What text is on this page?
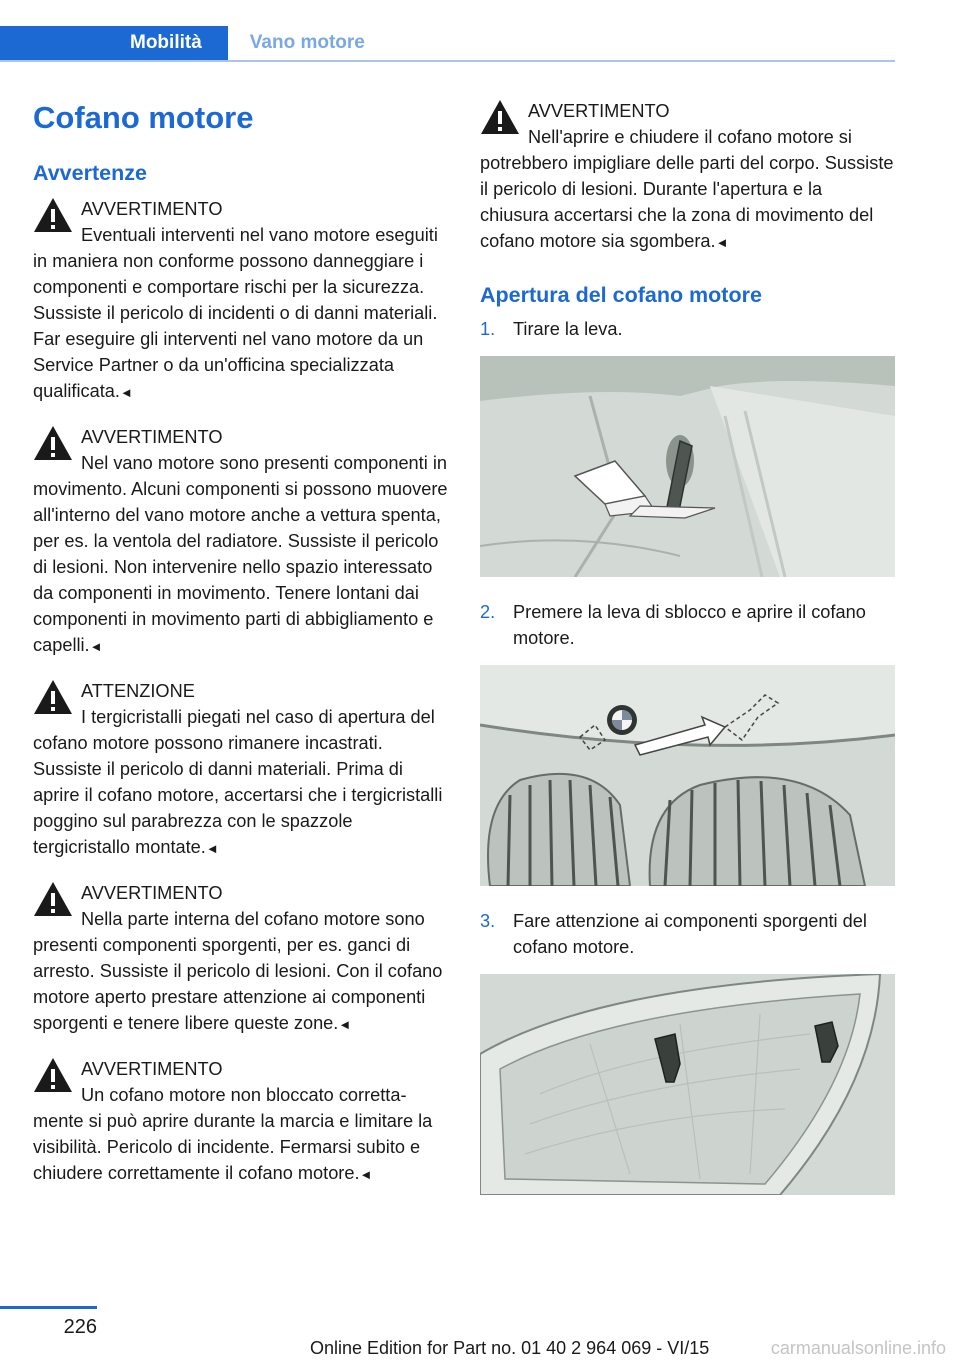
Mobilità	Vano motore
Cofano motore
Avvertenze
AVVERTIMENTO

Eventuali interventi nel vano motore eseguiti in maniera non conforme possono danneggiare i componenti e comportare rischi per la sicurezza. Sussiste il pericolo di incidenti o di danni materiali. Far eseguire gli interventi nel vano motore da un Service Partner o da un'officina specializzata qualificata.◄

AVVERTIMENTO

Nel vano motore sono presenti componenti in movimento. Alcuni componenti si possono muovere all'interno del vano motore anche a vettura spenta, per es. la ventola del radiatore. Sussiste il pericolo di lesioni. Non intervenire nello spazio interessato da componenti in movimento. Tenere lontani dai componenti in movimento parti di abbigliamento e capelli.◄

ATTENZIONE

I tergicristalli piegati nel caso di apertura del cofano motore possono rimanere incastrati. Sussiste il pericolo di danni materiali. Prima di aprire il cofano motore, accertarsi che i tergicristalli poggino sul parabrezza con le spazzole tergicristallo montate.◄

AVVERTIMENTO

Nella parte interna del cofano motore sono presenti componenti sporgenti, per es. ganci di arresto. Sussiste il pericolo di lesioni. Con il cofano motore aperto prestare attenzione ai componenti sporgenti e tenere libere queste zone.◄

AVVERTIMENTO

Un cofano motore non bloccato correttamente si può aprire durante la marcia e limitare la visibilità. Pericolo di incidente. Fermarsi subito e chiudere correttamente il cofano motore.◄

AVVERTIMENTO

Nell'aprire e chiudere il cofano motore si potrebbero impigliare delle parti del corpo. Sussiste il pericolo di lesioni. Durante l'apertura e la chiusura accertarsi che la zona di movimento del cofano motore sia sgombera.◄

Apertura del cofano motore
1. Tirare la leva.
2. Premere la leva di sblocco e aprire il cofano motore.
3. Fare attenzione ai componenti sporgenti del cofano motore.
226
Online Edition for Part no. 01 40 2 964 069 - VI/15	carmanualsonline.info
